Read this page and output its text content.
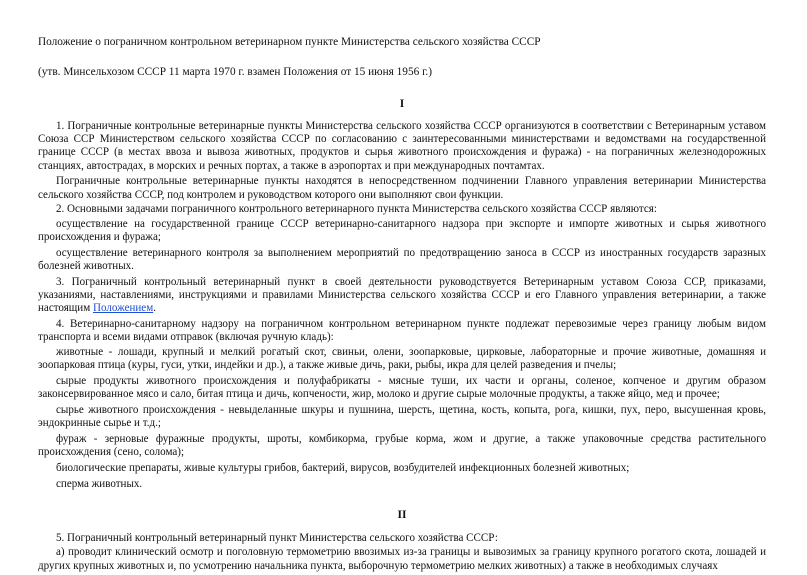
Положение о пограничном контрольном ветеринарном пункте Министерства сельского хозяйства СССР
(утв. Минсельхозом СССР 11 марта 1970 г. взамен Положения от 15 июня 1956 г.)
I

1. Пограничные контрольные ветеринарные пункты Министерства сельского хозяйства СССР организуются в соответствии с Ветеринарным уставом Союза ССР Министерством сельского хозяйства СССР по согласованию с заинтересованными министерствами и ведомствами на государственной границе СССР (в местах ввоза и вывоза животных, продуктов и сырья животного происхождения и фуража) - на пограничных железнодорожных станциях, автострадах, в морских и речных портах, а также в аэропортах и при международных почтамтах.

Пограничные контрольные ветеринарные пункты находятся в непосредственном подчинении Главного управления ветеринарии Министерства сельского хозяйства СССР, под контролем и руководством которого они выполняют свои функции.

2. Основными задачами пограничного контрольного ветеринарного пункта Министерства сельского хозяйства СССР являются:

осуществление на государственной границе СССР ветеринарно-санитарного надзора при экспорте и импорте животных и сырья животного происхождения и фуража;

осуществление ветеринарного контроля за выполнением мероприятий по предотвращению заноса в СССР из иностранных государств заразных болезней животных.

3. Пограничный контрольный ветеринарный пункт в своей деятельности руководствуется Ветеринарным уставом Союза ССР, приказами, указаниями, наставлениями, инструкциями и правилами Министерства сельского хозяйства СССР и его Главного управления ветеринарии, а также настоящим Положением.

4. Ветеринарно-санитарному надзору на пограничном контрольном ветеринарном пункте подлежат перевозимые через границу любым видом транспорта и всеми видами отправок (включая ручную кладь):

животные - лошади, крупный и мелкий рогатый скот, свиньи, олени, зоопарковые, цирковые, лабораторные и прочие животные, домашняя и зоопарковая птица (куры, гуси, утки, индейки и др.), а также живые дичь, раки, рыбы, икра для целей разведения и пчелы;

сырые продукты животного происхождения и полуфабрикаты - мясные туши, их части и органы, соленое, копченое и другим образом законсервированное мясо и сало, битая птица и дичь, копчености, жир, молоко и другие сырые молочные продукты, а также яйцо, мед и прочее;

сырье животного происхождения - невыделанные шкуры и пушнина, шерсть, щетина, кость, копыта, рога, кишки, пух, перо, высушенная кровь, эндокринные сырье и т.д.;

фураж - зерновые фуражные продукты, шроты, комбикорма, грубые корма, жом и другие, а также упаковочные средства растительного происхождения (сено, солома);

биологические препараты, живые культуры грибов, бактерий, вирусов, возбудителей инфекционных болезней животных;

сперма животных.

II

5. Пограничный контрольный ветеринарный пункт Министерства сельского хозяйства СССР:

а) проводит клинический осмотр и поголовную термометрию ввозимых из-за границы и вывозимых за границу крупного рогатого скота, лошадей и других крупных животных и, по усмотрению начальника пункта, выборочную термометрию мелких животных) а также в необходимых случаях
